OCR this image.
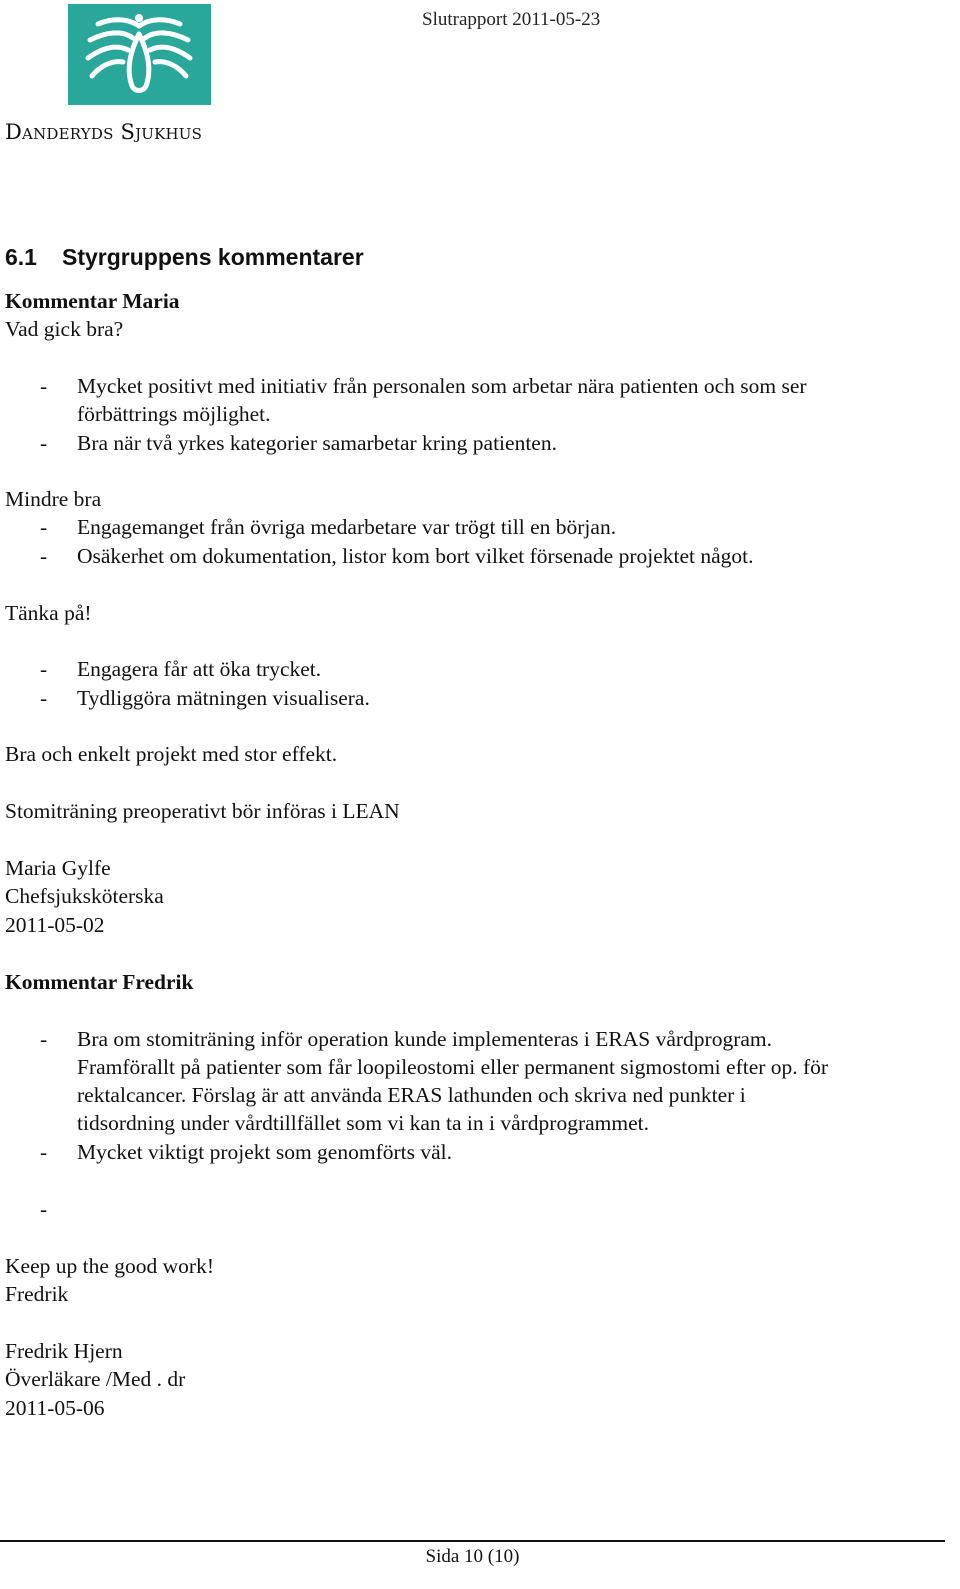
Danderyds Sjukhus
Slutrapport 2011-05-23
6.1 Styrgruppens kommentarer
Kommentar Maria
Vad gick bra?
- Mycket positivt med initiativ från personalen som arbetar nära patienten och som ser
förbättrings möjlighet.
- Bra när två yrkes kategorier samarbetar kring patienten.
Mindre bra
- Engagemanget från övriga medarbetare var trögt till en början.
- Osäkerhet om dokumentation, listor kom bort vilket försenade projektet något.
Tänka på!
- Engagera får att öka trycket.
- Tydliggöra mätningen visualisera.
Bra och enkelt projekt med stor effekt.
Stomiträning preoperativt bör införas i LEAN
Maria Gylfe
Chefsjuksköterska
2011-05-02
Kommentar Fredrik
- Bra om stomiträning inför operation kunde implementeras i ERAS vårdprogram.
Framförallt på patienter som får loopileostomi eller permanent sigmostomi efter op. för
rektalcancer. Förslag är att använda ERAS lathunden och skriva ned punkter i
tidsordning under vårdtillfället som vi kan ta in i vårdprogrammet.
- Mycket viktigt projekt som genomförts väl.
-
Keep up the good work!
Fredrik
Fredrik Hjern
Överläkare /Med . dr
2011-05-06
Sida 10 (10)
